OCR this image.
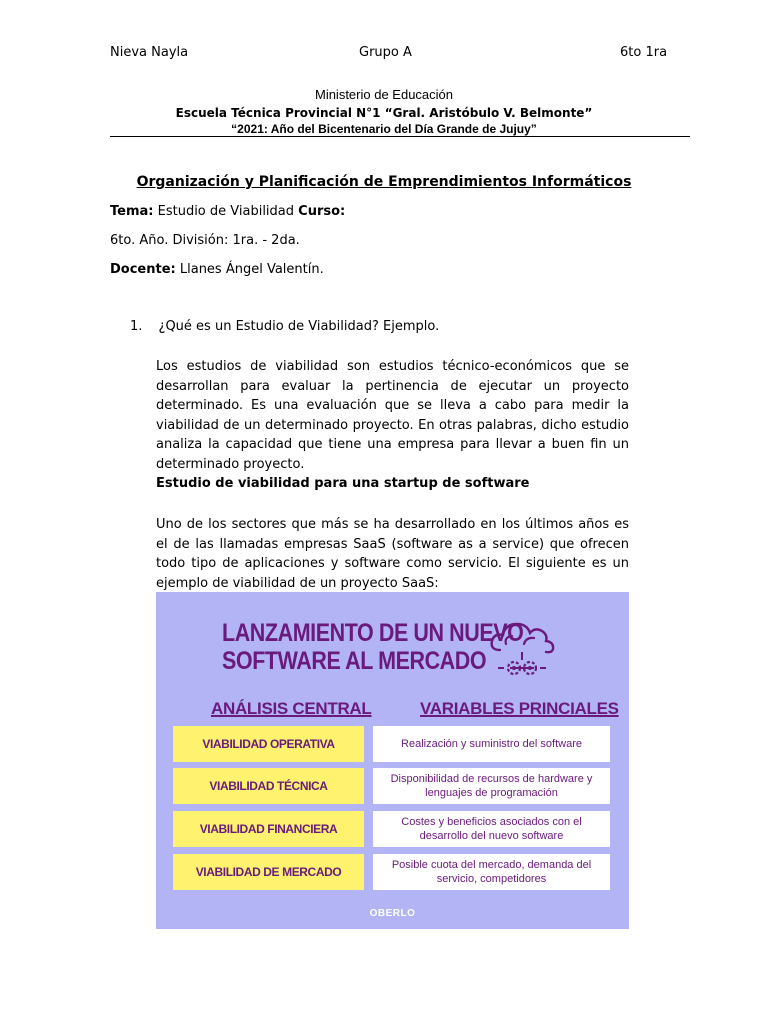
Nieva Nayla	Grupo A	6to 1ra
Ministerio de Educación
Escuela Técnica Provincial N°1 “Gral. Aristóbulo V. Belmonte”
“2021: Año del Bicentenario del Día Grande de Jujuy”
Organización y Planificación de Emprendimientos Informáticos
Tema: Estudio de Viabilidad Curso:
6to. Año. División: 1ra. - 2da.
Docente: Llanes Ángel Valentín.
1. ¿Qué es un Estudio de Viabilidad? Ejemplo.
Los estudios de viabilidad son estudios técnico-económicos que se desarrollan para evaluar la pertinencia de ejecutar un proyecto determinado. Es una evaluación que se lleva a cabo para medir la viabilidad de un determinado proyecto. En otras palabras, dicho estudio analiza la capacidad que tiene una empresa para llevar a buen fin un determinado proyecto.
Estudio de viabilidad para una startup de software
Uno de los sectores que más se ha desarrollado en los últimos años es el de las llamadas empresas SaaS (software as a service) que ofrecen todo tipo de aplicaciones y software como servicio. El siguiente es un ejemplo de viabilidad de un proyecto SaaS:
LANZAMIENTO DE UN NUEVO
SOFTWARE AL MERCADO
ANÁLISIS CENTRAL	VARIABLES PRINCIALES
VIABILIDAD OPERATIVA	Realización y suministro del software
VIABILIDAD TÉCNICA	Disponibilidad de recursos de hardware y lenguajes de programación
VIABILIDAD FINANCIERA	Costes y beneficios asociados con el desarrollo del nuevo software
VIABILIDAD DE MERCADO	Posible cuota del mercado, demanda del servicio, competidores
OBERLO
